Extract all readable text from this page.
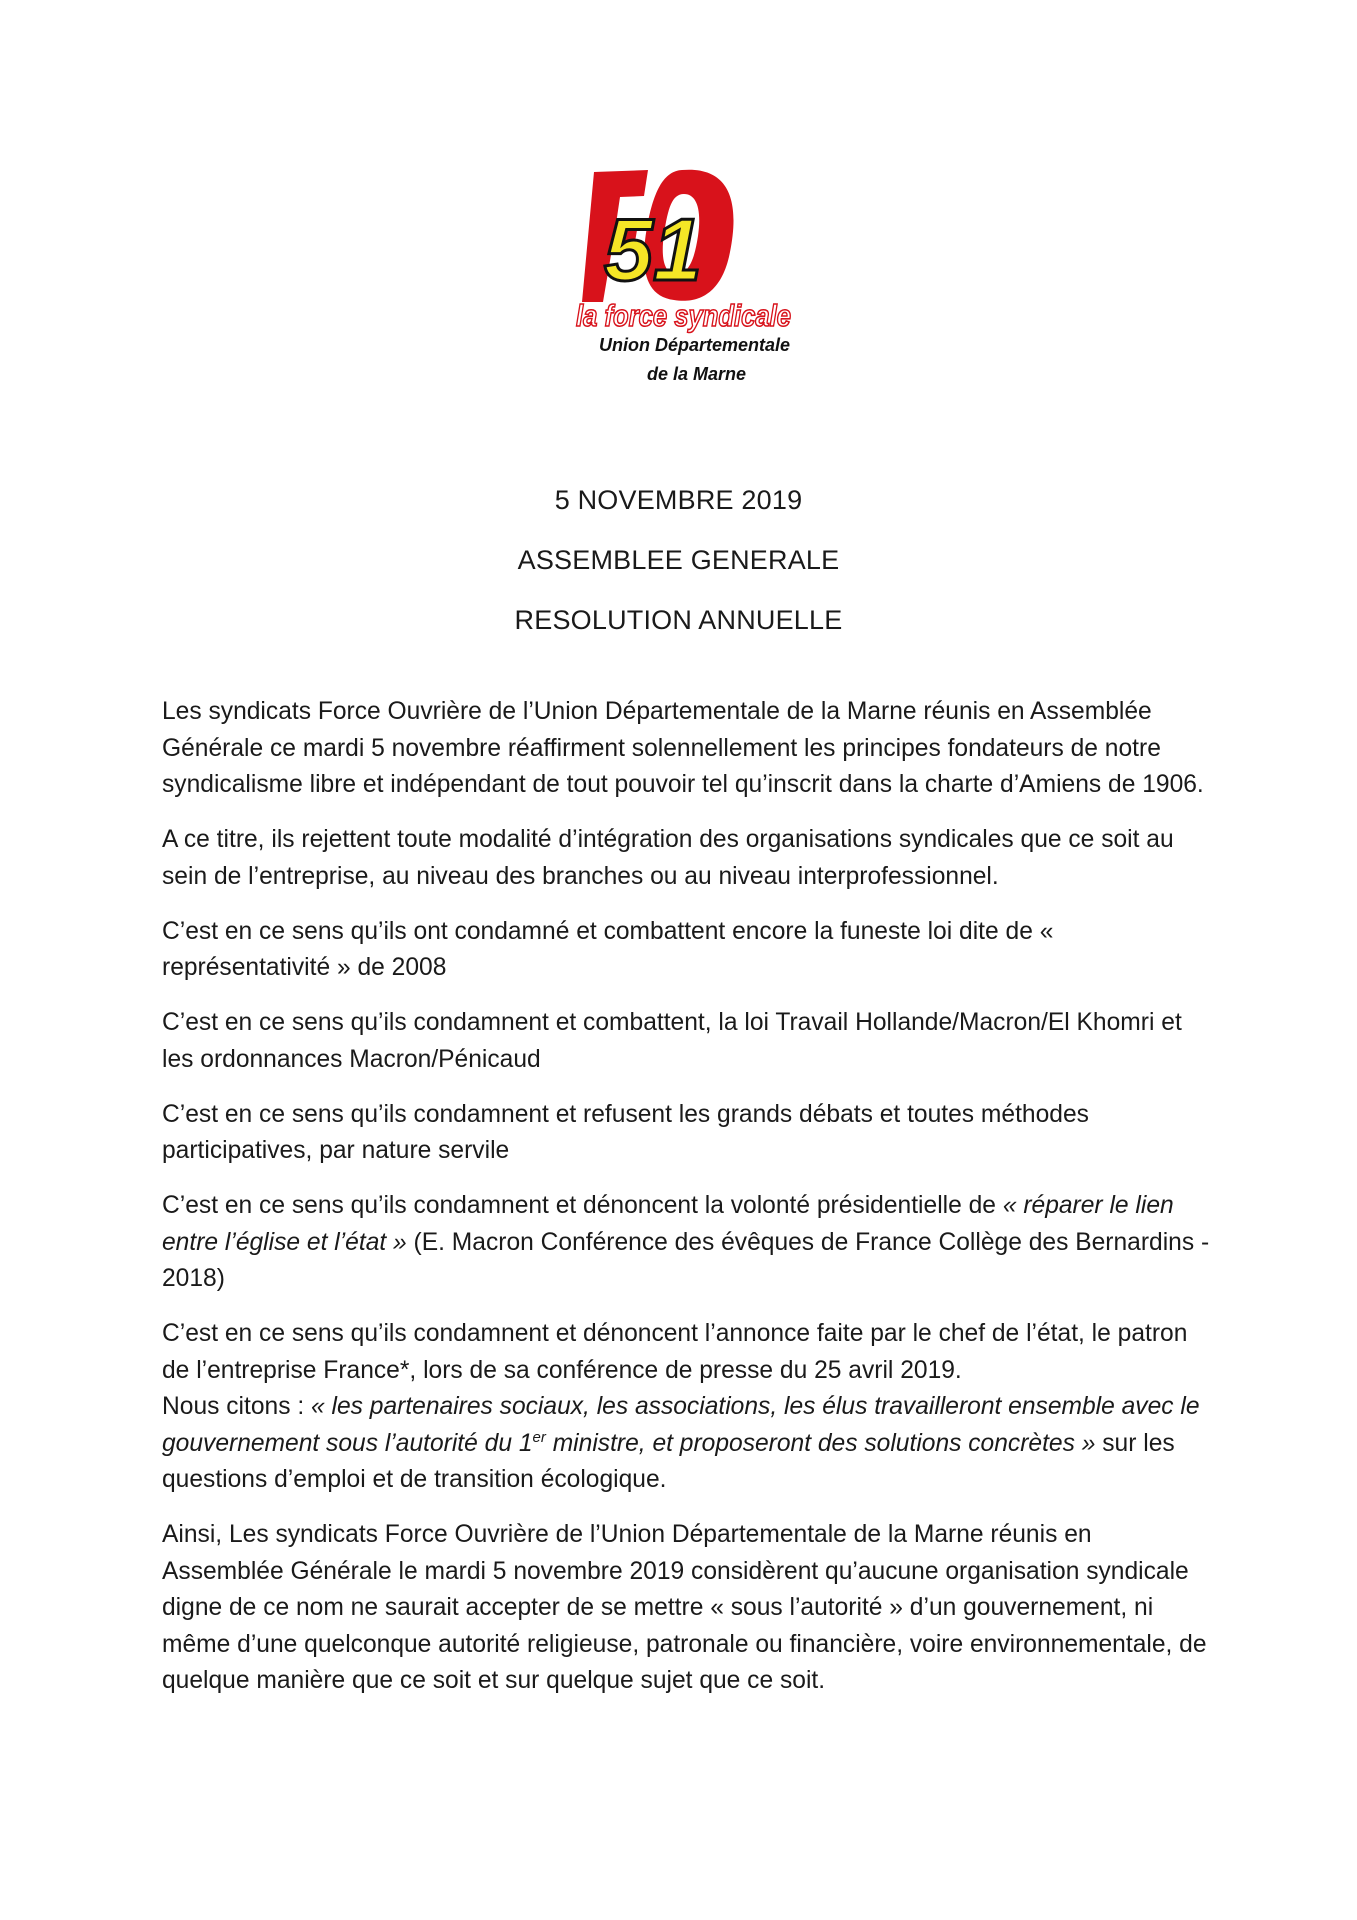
51
la force syndicale
Union Départementale
de la Marne
5 NOVEMBRE 2019
ASSEMBLEE GENERALE
RESOLUTION ANNUELLE

Les syndicats Force Ouvrière de l’Union Départementale de la Marne réunis en Assemblée Générale ce mardi 5 novembre réaffirment solennellement les principes fondateurs de notre syndicalisme libre et indépendant de tout pouvoir tel qu’inscrit dans la charte d’Amiens de 1906.

A ce titre, ils rejettent toute modalité d’intégration des organisations syndicales que ce soit au sein de l’entreprise, au niveau des branches ou au niveau interprofessionnel.

C’est en ce sens qu’ils ont condamné et combattent encore la funeste loi dite de « représentativité » de 2008

C’est en ce sens qu’ils condamnent et combattent, la loi Travail Hollande/Macron/El Khomri et les ordonnances Macron/Pénicaud

C’est en ce sens qu’ils condamnent et refusent les grands débats et toutes méthodes participatives, par nature servile

C’est en ce sens qu’ils condamnent et dénoncent la volonté présidentielle de « réparer le lien entre l’église et l’état » (E. Macron Conférence des évêques de France Collège des Bernardins - 2018)

C’est en ce sens qu’ils condamnent et dénoncent l’annonce faite par le chef de l’état, le patron de l’entreprise France*, lors de sa conférence de presse du 25 avril 2019.
Nous citons : « les partenaires sociaux, les associations, les élus travailleront ensemble avec le gouvernement sous l’autorité du 1er ministre, et proposeront des solutions concrètes » sur les questions d’emploi et de transition écologique.

Ainsi, Les syndicats Force Ouvrière de l’Union Départementale de la Marne réunis en Assemblée Générale le mardi 5 novembre 2019 considèrent qu’aucune organisation syndicale digne de ce nom ne saurait accepter de se mettre « sous l’autorité » d’un gouvernement, ni même d’une quelconque autorité religieuse, patronale ou financière, voire environnementale, de quelque manière que ce soit et sur quelque sujet que ce soit.
